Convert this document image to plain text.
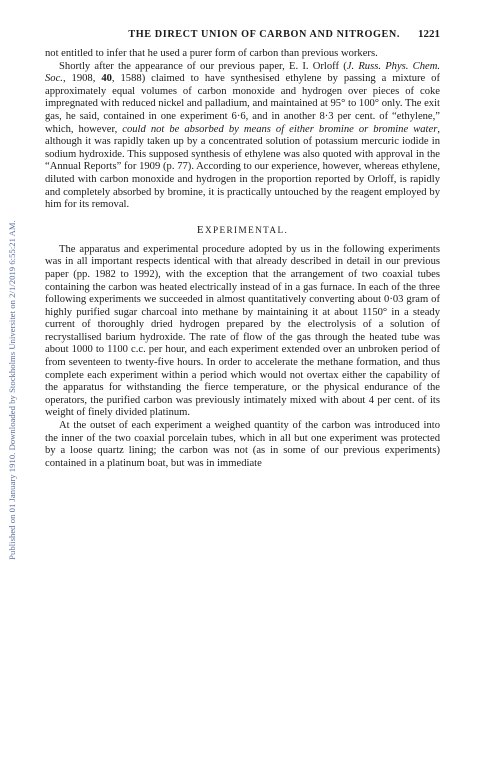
Published on 01 January 1910. Downloaded by Stockholms Universitet on 2/1/2019 6:55:21 AM.
THE DIRECT UNION OF CARBON AND NITROGEN. 1221

not entitled to infer that he used a purer form of carbon than previous workers.

Shortly after the appearance of our previous paper, E. I. Orloff (J. Russ. Phys. Chem. Soc., 1908, 40, 1588) claimed to have synthesised ethylene by passing a mixture of approximately equal volumes of carbon monoxide and hydrogen over pieces of coke impregnated with reduced nickel and palladium, and maintained at 95° to 100° only. The exit gas, he said, contained in one experiment 6·6, and in another 8·3 per cent. of “ethylene,” which, however, could not be absorbed by means of either bromine or bromine water, although it was rapidly taken up by a concentrated solution of potassium mercuric iodide in sodium hydroxide. This supposed synthesis of ethylene was also quoted with approval in the “Annual Reports” for 1909 (p. 77). According to our experience, however, whereas ethylene, diluted with carbon monoxide and hydrogen in the proportion reported by Orloff, is rapidly and completely absorbed by bromine, it is practically untouched by the reagent employed by him for its removal.

EXPERIMENTAL.

The apparatus and experimental procedure adopted by us in the following experiments was in all important respects identical with that already described in detail in our previous paper (pp. 1982 to 1992), with the exception that the arrangement of two coaxial tubes containing the carbon was heated electrically instead of in a gas furnace. In each of the three following experiments we succeeded in almost quantitatively converting about 0·03 gram of highly purified sugar charcoal into methane by maintaining it at about 1150° in a steady current of thoroughly dried hydrogen prepared by the electrolysis of a solution of recrystallised barium hydroxide. The rate of flow of the gas through the heated tube was about 1000 to 1100 c.c. per hour, and each experiment extended over an unbroken period of from seventeen to twenty-five hours. In order to accelerate the methane formation, and thus complete each experiment within a period which would not overtax either the capability of the apparatus for withstanding the fierce temperature, or the physical endurance of the operators, the purified carbon was previously intimately mixed with about 4 per cent. of its weight of finely divided platinum.

At the outset of each experiment a weighed quantity of the carbon was introduced into the inner of the two coaxial porcelain tubes, which in all but one experiment was protected by a loose quartz lining; the carbon was not (as in some of our previous experiments) contained in a platinum boat, but was in immediate
